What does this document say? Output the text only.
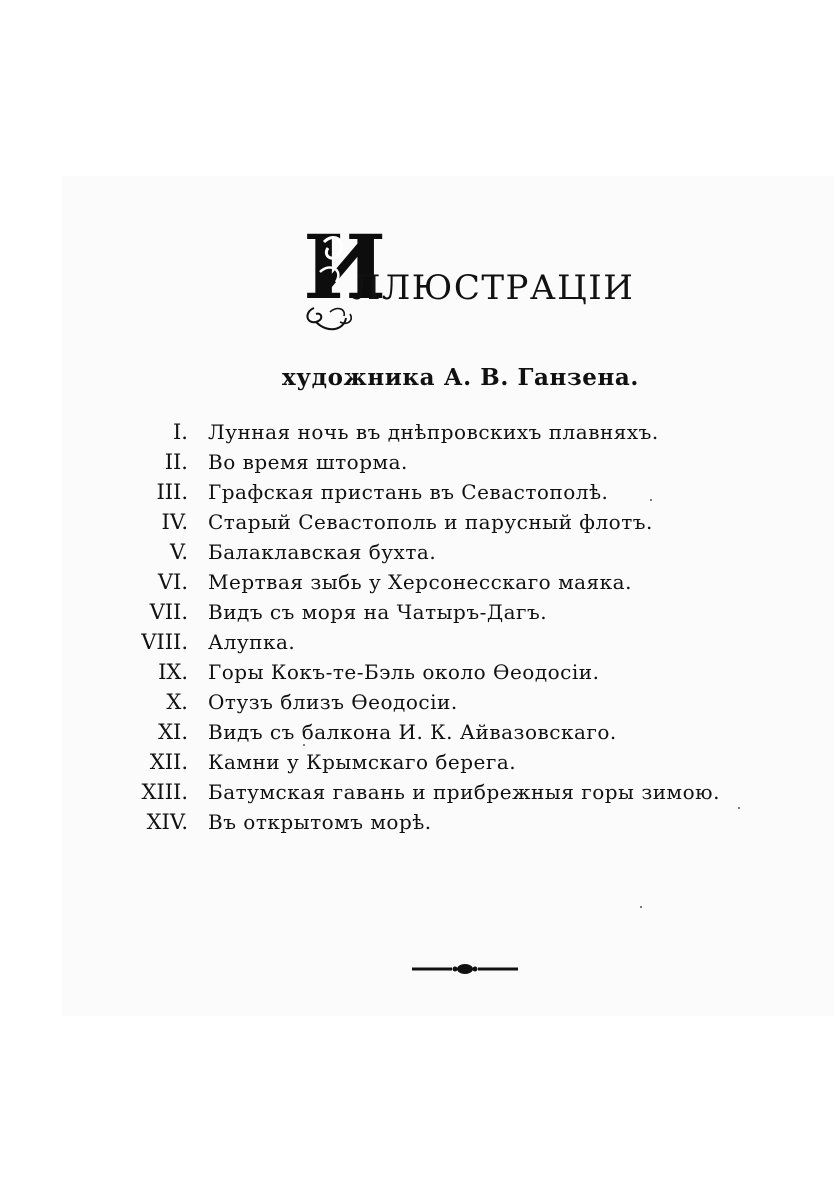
И
ЛЛЮСТРАЦІИ
художника А. В. Ганзена.
I. Лунная ночь въ днѣпровскихъ плавняхъ.
II. Во время шторма.
III. Графская пристань въ Севастополѣ.
IV. Старый Севастополь и парусный флотъ.
V. Балаклавская бухта.
VI. Мертвая зыбь у Херсонесскаго маяка.
VII. Видъ съ моря на Чатыръ-Дагъ.
VIII. Алупка.
IX. Горы Кокъ-те-Бэль около Өеодосіи.
X. Отузъ близъ Өеодосіи.
XI. Видъ съ балкона И. К. Айвазовскаго.
XII. Камни у Крымскаго берега.
XIII. Батумская гавань и прибрежныя горы зимою.
XIV. Въ открытомъ морѣ.
